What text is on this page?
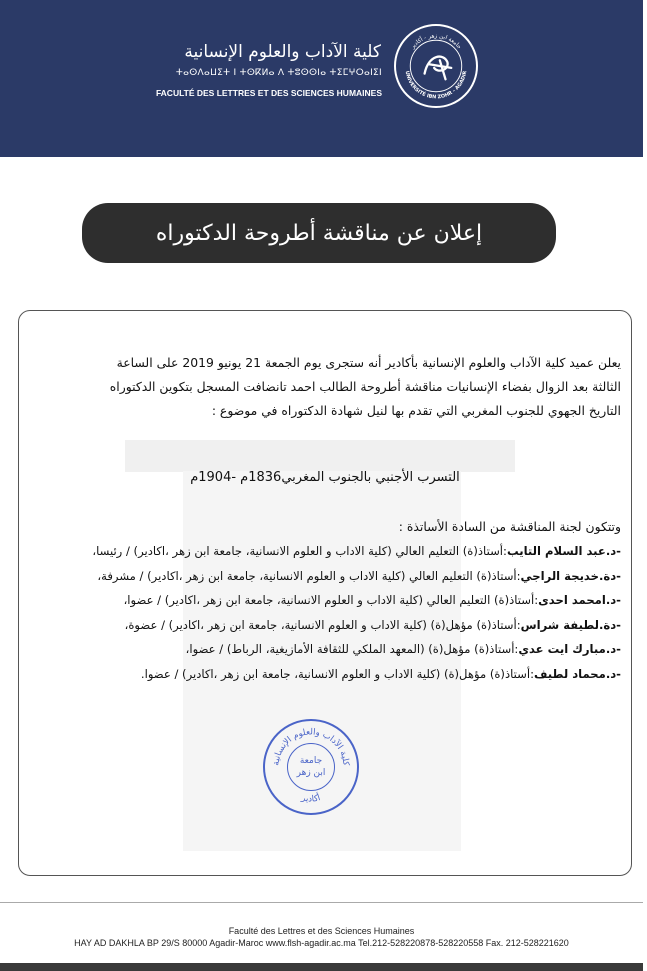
جامعة ابن زهر - أكادير
UNIVERSITÉ IBN ZOHR - AGADIR
كلية الآداب والعلوم الإنسانية
ⵜⴰⵙⴷⴰⵡⵉⵜ ⵏ ⵜⵙⴽⵍⴰ ⴷ ⵜⵓⵙⵙⵏⴰ ⵜⵉⵎⵖⵔⴰⵏⵉⵏ
FACULTÉ DES LETTRES ET DES SCIENCES HUMAINES
إعلان عن مناقشة أطروحة الدكتوراه
يعلن عميد كلية الآداب والعلوم الإنسانية بأكادير أنه ستجرى يوم الجمعة 21 يونيو 2019 على الساعة
الثالثة بعد الزوال بفضاء الإنسانيات مناقشة أطروحة الطالب احمد تانضافت المسجل بتكوين الدكتوراه
التاريخ الجهوي للجنوب المغربي التي تقدم بها لنيل شهادة الدكتوراه في موضوع :
التسرب الأجنبي بالجنوب المغربي1836م -1904م
وتتكون لجنة المناقشة من السادة الأساتذة :
-د.عبد السلام التايب:أستاذ(ة) التعليم العالي (كلية الاداب و العلوم الانسانية، جامعة ابن زهر ،اكادير) / رئيسا،
-دة.خديجة الراجي:أستاذ(ة) التعليم العالي (كلية الاداب و العلوم الانسانية، جامعة ابن زهر ،اكادير) / مشرفة،
-د.امحمد احدى:أستاذ(ة) التعليم العالي (كلية الاداب و العلوم الانسانية، جامعة ابن زهر ،اكادير) / عضوا،
-دة.لطيفة شراس:أستاذ(ة) مؤهل(ة) (كلية الاداب و العلوم الانسانية، جامعة ابن زهر ،اكادير) / عضوة،
-د.مبارك ايت عدي:أستاذ(ة) مؤهل(ة) (المعهد الملكي للثقافة الأمازيغية، الرباط) / عضوا،
-د.محماد لطيف:أستاذ(ة) مؤهل(ة) (كلية الاداب و العلوم الانسانية، جامعة ابن زهر ،اكادير) / عضوا.
كلية الآداب والعلوم الإنسانية
أكادير
جامعة
ابن زهر
Faculté des Lettres et des Sciences Humaines
HAY AD DAKHLA BP 29/S 80000 Agadir-Maroc www.flsh-agadir.ac.ma Tel.212-528220878-528220558 Fax. 212-528221620
